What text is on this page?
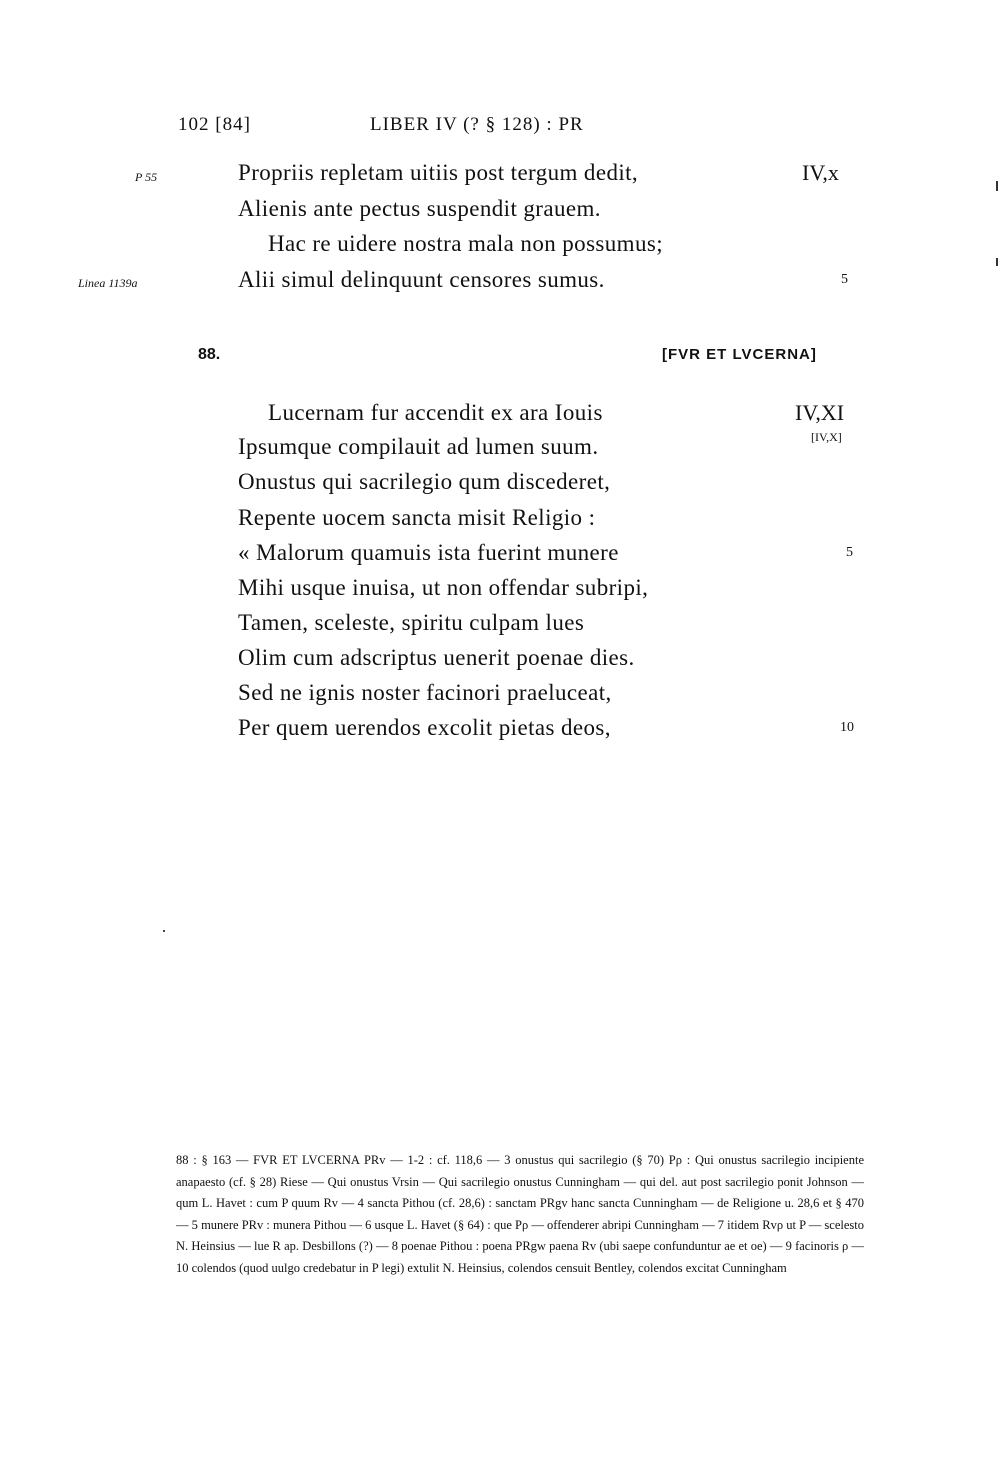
102 [84]	LIBER IV (? § 128) : PR
P 55
Linea 1139a
Propriis repletam uitiis post tergum dedit,
Alienis ante pectus suspendit grauem.
Hac re uidere nostra mala non possumus;
Alii simul delinquunt censores sumus.
IV,x
5
88.	[FVR ET LVCERNA]
Lucernam fur accendit ex ara Iouis
Ipsumque compilauit ad lumen suum.
Onustus qui sacrilegio qum discederet,
Repente uocem sancta misit Religio :
« Malorum quamuis ista fuerint munere
Mihi usque inuisa, ut non offendar subripi,
Tamen, sceleste, spiritu culpam lues
Olim cum adscriptus uenerit poenae dies.
Sed ne ignis noster facinori praeluceat,
Per quem uerendos excolit pietas deos,
IV,XI
[IV,X]
5
10
88 : § 163 — FVR ET LVCERNA PRv — 1-2 : cf. 118,6 — 3 onustus qui sacrilegio (§ 70) Pρ : Qui onustus sacrilegio incipiente anapaesto (cf. § 28) Riese — Qui onustus Vrsin — Qui sacrilegio onustus Cunningham — qui del. aut post sacrilegio ponit Johnson — qum L. Havet : cum P quum Rv — 4 sancta Pithou (cf. 28,6) : sanctam PRgv hanc sancta Cunningham — de Religione u. 28,6 et § 470 — 5 munere PRv : munera Pithou — 6 usque L. Havet (§ 64) : que Pρ — offenderer abripi Cunningham — 7 itidem Rvρ ut P — scelesto N. Heinsius — lue R ap. Desbillons (?) — 8 poenae Pithou : poena PRgw paena Rv (ubi saepe confunduntur ae et oe) — 9 facinoris ρ — 10 colendos (quod uulgo credebatur in P legi) extulit N. Heinsius, colendos censuit Bentley, colendos excitat Cunningham
